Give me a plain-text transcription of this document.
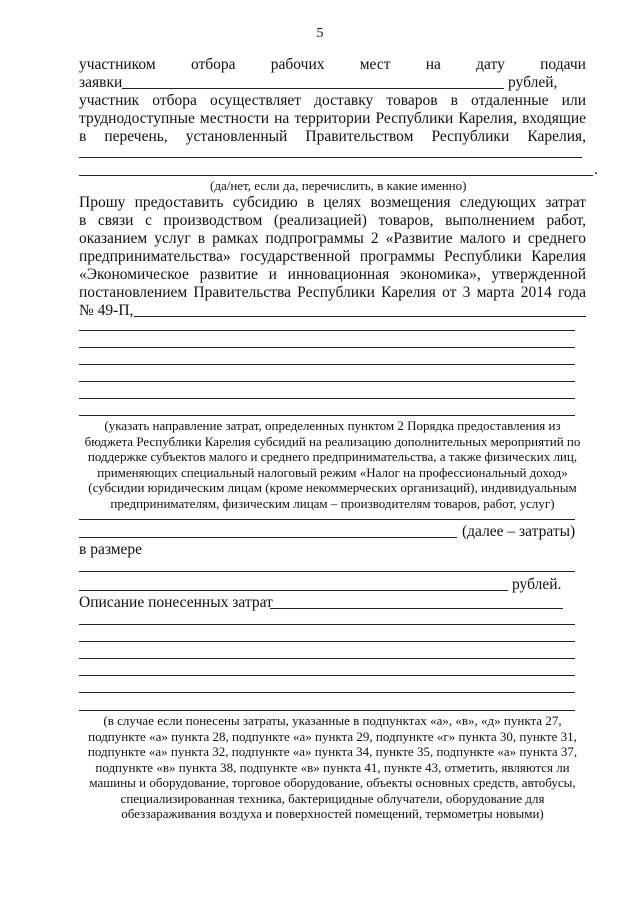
5
участником отбора рабочих мест на дату подачи
заявки	рублей,
участник отбора осуществляет доставку товаров в отдаленные или
труднодоступные местности на территории Республики Карелия, входящие
в перечень, установленный Правительством Республики Карелия,
.
(да/нет, если да, перечислить, в какие именно)
Прошу предоставить субсидию в целях возмещения следующих затрат
в связи с производством (реализацией) товаров, выполнением работ,
оказанием услуг в рамках подпрограммы 2 «Развитие малого и среднего
предпринимательства» государственной программы Республики Карелия
«Экономическое развитие и инновационная экономика», утвержденной
постановлением Правительства Республики Карелия от 3 марта 2014 года
№ 49-П,
(указать направление затрат, определенных пунктом 2 Порядка предоставления из
бюджета Республики Карелия субсидий на реализацию дополнительных мероприятий по
поддержке субъектов малого и среднего предпринимательства, а также физических лиц,
применяющих специальный налоговый режим «Налог на профессиональный доход»
(субсидии юридическим лицам (кроме некоммерческих организаций), индивидуальным
предпринимателям, физическим лицам – производителям товаров, работ, услуг)
(далее – затраты)
в размере
рублей.
Описание понесенных затрат
(в случае если понесены затраты, указанные в подпунктах «а», «в», «д» пункта 27,
подпункте «а» пункта 28, подпункте «а» пункта 29, подпункте «г» пункта 30, пункте 31,
подпункте «а» пункта 32, подпункте «а» пункта 34, пункте 35, подпункте «а» пункта 37,
подпункте «в» пункта 38, подпункте «в» пункта 41, пункте 43, отметить, являются ли
машины и оборудование, торговое оборудование, объекты основных средств, автобусы,
специализированная техника, бактерицидные облучатели, оборудование для
обеззараживания воздуха и поверхностей помещений, термометры новыми)
